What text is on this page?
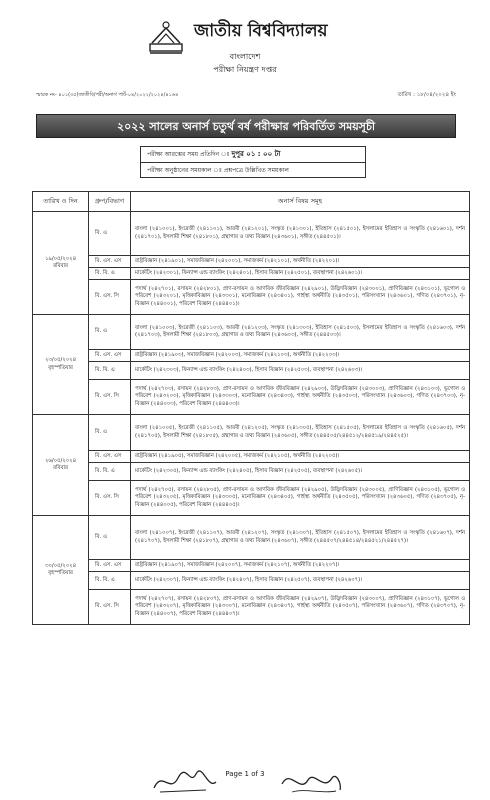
জাতীয় বিশ্ববিদ্যালয়
বাংলাদেশ
পরীক্ষা নিয়ন্ত্রণ দপ্তর
স্মারক নং- ৪০১(৩৫)জাতীবি/পরী/অনার্স পার্ট-০৪/২০২২/২০২৪/৪১৬৪	তারিখ : ১৮/০৪/২০২৪ ইং
২০২২ সালের অনার্স চতুর্থ বর্ষ পরীক্ষার পরিবর্তিত সময়সূচী
পরীক্ষা আরম্ভের সময় প্রতিদিন ঃ দুপুর ০১ : ০০ টা
পরীক্ষা অনুষ্ঠানের সময়কাল ঃ প্রশ্নপত্রে উল্লিখিত সময়কাল
তারিখ ও দিন	গ্রুপ/বিভাগ	অনার্স বিষয় সমূহ

১৯/০৫/২০২৪
রবিবার	বি. এ	বাংলা (২৪১০০১), ইংরেজী (২৪১১০১), আরবী (২৪১২০১), সংস্কৃত (২৪১৩০১), ইতিহাস (২৪১৫০১), ইসলামের ইতিহাস ও সংস্কৃতি (২৪১৬০১), দর্শন (২৪১৭০১), ইসলামী শিক্ষা (২৪১৮০১), গ্রন্থাগার ও তথ্য বিজ্ঞান (২৪৩৬০১), সঙ্গীত (২৪৪৫০১)।
	বি. এস. এস	রাষ্ট্রবিজ্ঞান (২৪১৯০১), সমাজবিজ্ঞান (২৪২০০১), সমাজকর্ম (২৪২১০১), অর্থনীতি (২৪২২০১)।
	বি. বি. এ	মার্কেটিং (২৪২৩০১), ফিন্যান্স এন্ড ব্যাংকিং (২৪২৪০১), হিসাব বিজ্ঞান (২৪২৫০১), ব্যবস্থাপনা (২৪২৬০১)।
	বি. এস. সি	পদার্থ (২৪২৭০১), রসায়ন (২৪২৮০১), প্রাণ-রসায়ন ও আণবিক জীববিজ্ঞান (২৪২৯০১), উদ্ভিদবিজ্ঞান (২৪৩০০১), প্রাণিবিজ্ঞান (২৪৩১০১), ভূগোল ও পরিবেশ (২৪৩২০১), মৃত্তিকাবিজ্ঞান (২৪৩৩০১), মনোবিজ্ঞান (২৪৩৪০১), গার্হস্থ্য অর্থনীতি (২৪৩৫০১), পরিসংখ্যান (২৪৩৬০১), গণিত (২৪৩৭০১), নৃ-বিজ্ঞান (২৪৪০০১), পরিবেশ বিজ্ঞান (২৪৪৪০১)।

২৩/০৫/২০২৪
বৃহস্পতিবার	বি. এ	বাংলা (২৪১০০৩), ইংরেজী (২৪১১০৩), আরবী (২৪১২০৩), সংস্কৃত (২৪১৩০৩), ইতিহাস (২৪১৫০৩), ইসলামের ইতিহাস ও সংস্কৃতি (২৪১৬০৩), দর্শন (২৪১৭০৩), ইসলামী শিক্ষা (২৪১৮০৩), গ্রন্থাগার ও তথ্য বিজ্ঞান (২৪৩৬০৩), সঙ্গীত (২৪৪৫০৩)।
	বি. এস. এস	রাষ্ট্রবিজ্ঞান (২৪১৯০৩), সমাজবিজ্ঞান (২৪২০০৩), সমাজকর্ম (২৪২১০৩), অর্থনীতি (২৪২২০৩)।
	বি. বি. এ	মার্কেটিং (২৪২৩০৩), ফিন্যান্স এন্ড ব্যাংকিং (২৪২৪০৩), হিসাব বিজ্ঞান (২৪২৫০৩), ব্যবস্থাপনা (২৪২৬০৩)।
	বি. এস. সি	পদার্থ (২৪২৭০৩), রসায়ন (২৪২৮০৩), প্রাণ-রসায়ন ও আণবিক জীববিজ্ঞান (২৪২৯০৩), উদ্ভিদবিজ্ঞান (২৪৩০০৩), প্রাণিবিজ্ঞান (২৪৩১০৩), ভূগোল ও পরিবেশ (২৪৩২০৩), মৃত্তিকাবিজ্ঞান (২৪৩৩০৩), মনোবিজ্ঞান (২৪৩৪০৩), গার্হস্থ্য অর্থনীতি (২৪৩৫০৩), পরিসংখ্যান (২৪৩৬০৩), গণিত (২৪৩৭০৩), নৃ-বিজ্ঞান (২৪৪০০৩), পরিবেশ বিজ্ঞান (২৪৪৪০৩)।

২৬/০৫/২০২৪
রবিবার	বি. এ	বাংলা (২৪১০০৫), ইংরেজী (২৪১১০৫), আরবী (২৪১২০৫), সংস্কৃত (২৪১৩০৫), ইতিহাস (২৪১৫০৫), ইসলামের ইতিহাস ও সংস্কৃতি (২৪১৬০৫), দর্শন (২৪১৭০৫), ইসলামী শিক্ষা (২৪১৮০৫), গ্রন্থাগার ও তথ্য বিজ্ঞান (২৪৩৬০৫), সঙ্গীত (২৪৪৫০৫/২৪৪৫১২/২৪৪৫১৯/২৪৪৫২৫)।
	বি. এস. এস	রাষ্ট্রবিজ্ঞান (২৪১৯০৫), সমাজবিজ্ঞান (২৪২০০৫), সমাজকর্ম (২৪২১০৫), অর্থনীতি (২৪২২০৫)।
	বি. বি. এ	মার্কেটিং (২৪২৩০৫), ফিন্যান্স এন্ড ব্যাংকিং (২৪২৪০৫), হিসাব বিজ্ঞান (২৪২৫০৫), ব্যবস্থাপনা (২৪২৬০৫)।
	বি. এস. সি	পদার্থ (২৪২৭০৫), রসায়ন (২৪২৮০৫), প্রাণ-রসায়ন ও আণবিক জীববিজ্ঞান (২৪২৯০৫), উদ্ভিদবিজ্ঞান (২৪৩০০৫), প্রাণিবিজ্ঞান (২৪৩১০৫), ভূগোল ও পরিবেশ (২৪৩২০৫), মৃত্তিকাবিজ্ঞান (২৪৩৩০৫), মনোবিজ্ঞান (২৪৩৪০৫), গার্হস্থ্য অর্থনীতি (২৪৩৫০৫), পরিসংখ্যান (২৪৩৬০৫), গণিত (২৪৩৭০৫), নৃ-বিজ্ঞান (২৪৪০০৫), পরিবেশ বিজ্ঞান (২৪৪৪০৫)।

৩০/০৫/২০২৪
বৃহস্পতিবার	বি. এ	বাংলা (২৪১০০৭), ইংরেজী (২৪১১০৭), আরবী (২৪১২০৭), সংস্কৃত (২৪১৩০৭), ইতিহাস (২৪১৫০৭), ইসলামের ইতিহাস ও সংস্কৃতি (২৪১৬০৭), দর্শন (২৪১৭০৭), ইসলামী শিক্ষা (২৪১৮০৭), গ্রন্থাগার ও তথ্য বিজ্ঞান (২৪৩৬০৭), সঙ্গীত (২৪৪৫০৭/২৪৪৫১৪/২৪৪৫২১/২৪৪৫২৭)।
	বি. এস. এস	রাষ্ট্রবিজ্ঞান (২৪১৯০৭), সমাজবিজ্ঞান (২৪২০০৭), সমাজকর্ম (২৪২১০৭), অর্থনীতি (২৪২২০৭)।
	বি. বি. এ	মার্কেটিং (২৪২৩০৭), ফিন্যান্স এন্ড ব্যাংকিং (২৪২৪০৭), হিসাব বিজ্ঞান (২৪২৫০৭), ব্যবস্থাপনা (২৪২৬০৭)।
	বি. এস. সি	পদার্থ (২৪২৭০৭), রসায়ন (২৪২৮০৭), প্রাণ-রসায়ন ও আণবিক জীববিজ্ঞান (২৪২৯০৭), উদ্ভিদবিজ্ঞান (২৪৩০০৭), প্রাণিবিজ্ঞান (২৪৩১০৭), ভূগোল ও পরিবেশ (২৪৩২০৭), মৃত্তিকাবিজ্ঞান (২৪৩৩০৭), মনোবিজ্ঞান (২৪৩৪০৭), গার্হস্থ্য অর্থনীতি (২৪৩৫০৭), পরিসংখ্যান (২৪৩৬০৭), গণিত (২৪৩৭০৭), নৃ-বিজ্ঞান (২৪৪০০৭), পরিবেশ বিজ্ঞান (২৪৪৪০৭)।
Page 1 of 3
